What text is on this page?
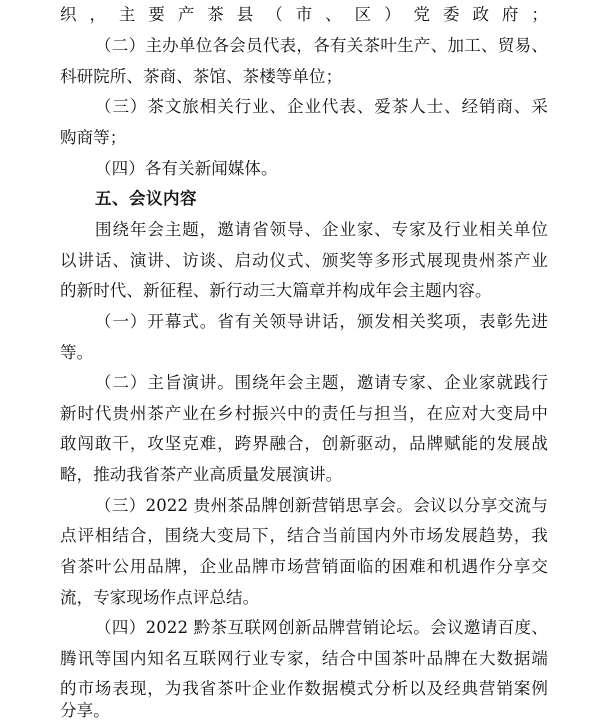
织，主要产茶县（市、区）党委政府；
（二）主办单位各会员代表，各有关茶叶生产、加工、贸易、
科研院所、茶商、茶馆、茶楼等单位；
（三）茶文旅相关行业、企业代表、爱茶人士、经销商、采
购商等；
（四）各有关新闻媒体。
五、会议内容
围绕年会主题，邀请省领导、企业家、专家及行业相关单位
以讲话、演讲、访谈、启动仪式、颁奖等多形式展现贵州茶产业
的新时代、新征程、新行动三大篇章并构成年会主题内容。
（一）开幕式。省有关领导讲话，颁发相关奖项，表彰先进
等。
（二）主旨演讲。围绕年会主题，邀请专家、企业家就践行
新时代贵州茶产业在乡村振兴中的责任与担当，在应对大变局中
敢闯敢干，攻坚克难，跨界融合，创新驱动，品牌赋能的发展战
略，推动我省茶产业高质量发展演讲。
（三）2022 贵州茶品牌创新营销思享会。会议以分享交流与
点评相结合，围绕大变局下，结合当前国内外市场发展趋势，我
省茶叶公用品牌，企业品牌市场营销面临的困难和机遇作分享交
流，专家现场作点评总结。
（四）2022 黔茶互联网创新品牌营销论坛。会议邀请百度、
腾讯等国内知名互联网行业专家，结合中国茶叶品牌在大数据端
的市场表现，为我省茶叶企业作数据模式分析以及经典营销案例
分享。
